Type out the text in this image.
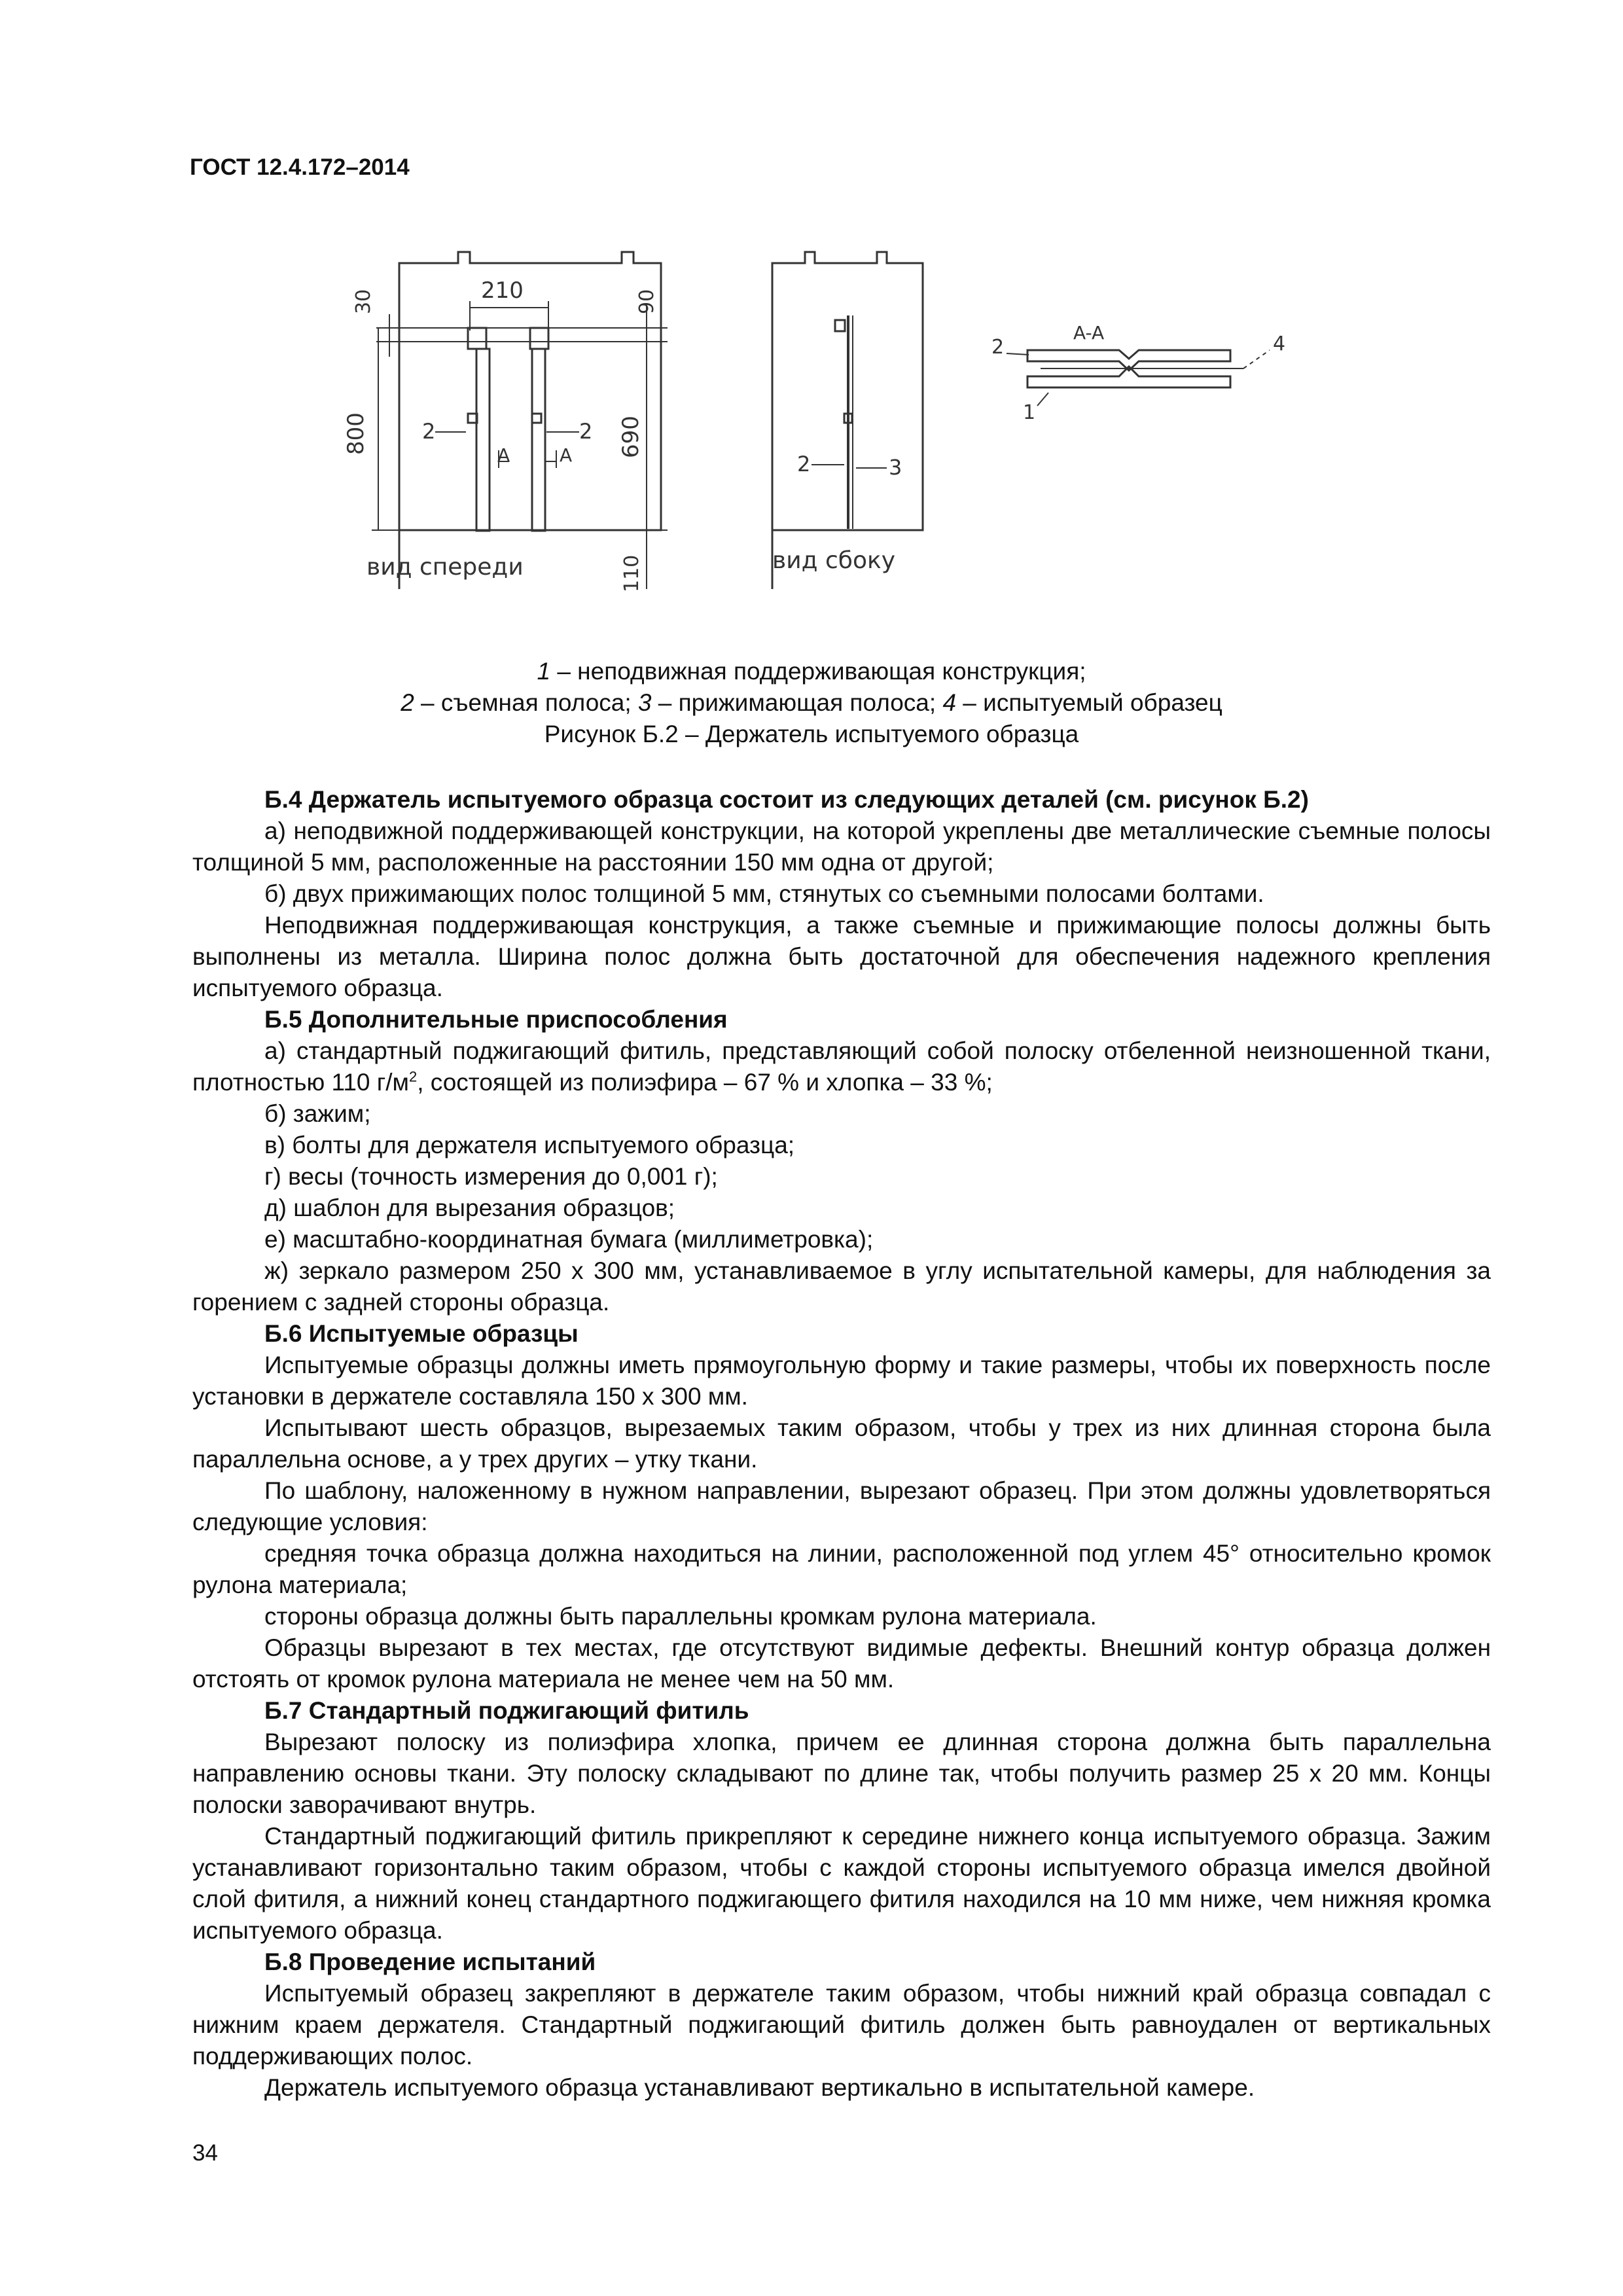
ГОСТ 12.4.172–2014
210
30	90
800	690
110
2	2
A	A
вид спереди
2	3
вид сбоку
A-A
2	4
1
1 – неподвижная поддерживающая конструкция;
2 – съемная полоса; 3 – прижимающая полоса; 4 – испытуемый образец
Рисунок Б.2 – Держатель испытуемого образца

Б.4 Держатель испытуемого образца состоит из следующих деталей (см. рисунок Б.2)

а) неподвижной поддерживающей конструкции, на которой укреплены две металлические съемные полосы толщиной 5 мм, расположенные на расстоянии 150 мм одна от другой;

б) двух прижимающих полос толщиной 5 мм, стянутых со съемными полосами болтами.

Неподвижная поддерживающая конструкция, а также съемные и прижимающие полосы должны быть выполнены из металла. Ширина полос должна быть достаточной для обеспечения надежного крепления испытуемого образца.

Б.5 Дополнительные приспособления

а) стандартный поджигающий фитиль, представляющий собой полоску отбеленной неизношенной ткани, плотностью 110 $г/м^2$, состоящей из полиэфира – 67 % и хлопка – 33 %;

б) зажим;

в) болты для держателя испытуемого образца;

г) весы (точность измерения до 0,001 г);

д) шаблон для вырезания образцов;

е) масштабно-координатная бумага (миллиметровка);

ж) зеркало размером 250 х 300 мм, устанавливаемое в углу испытательной камеры, для наблюдения за горением с задней стороны образца.

Б.6 Испытуемые образцы

Испытуемые образцы должны иметь прямоугольную форму и такие размеры, чтобы их поверхность после установки в держателе составляла 150 х 300 мм.

Испытывают шесть образцов, вырезаемых таким образом, чтобы у трех из них длинная сторона была параллельна основе, а у трех других – утку ткани.

По шаблону, наложенному в нужном направлении, вырезают образец. При этом должны удовлетворяться следующие условия:

средняя точка образца должна находиться на линии, расположенной под углем 45° относительно кромок рулона материала;

стороны образца должны быть параллельны кромкам рулона материала.

Образцы вырезают в тех местах, где отсутствуют видимые дефекты. Внешний контур образца должен отстоять от кромок рулона материала не менее чем на 50 мм.

Б.7 Стандартный поджигающий фитиль

Вырезают полоску из полиэфира хлопка, причем ее длинная сторона должна быть параллельна направлению основы ткани. Эту полоску складывают по длине так, чтобы получить размер 25 х 20 мм. Концы полоски заворачивают внутрь.

Стандартный поджигающий фитиль прикрепляют к середине нижнего конца испытуемого образца. Зажим устанавливают горизонтально таким образом, чтобы с каждой стороны испытуемого образца имелся двойной слой фитиля, а нижний конец стандартного поджигающего фитиля находился на 10 мм ниже, чем нижняя кромка испытуемого образца.

Б.8 Проведение испытаний

Испытуемый образец закрепляют в держателе таким образом, чтобы нижний край образца совпадал с нижним краем держателя. Стандартный поджигающий фитиль должен быть равноудален от вертикальных поддерживающих полос.

Держатель испытуемого образца устанавливают вертикально в испытательной камере.

34
